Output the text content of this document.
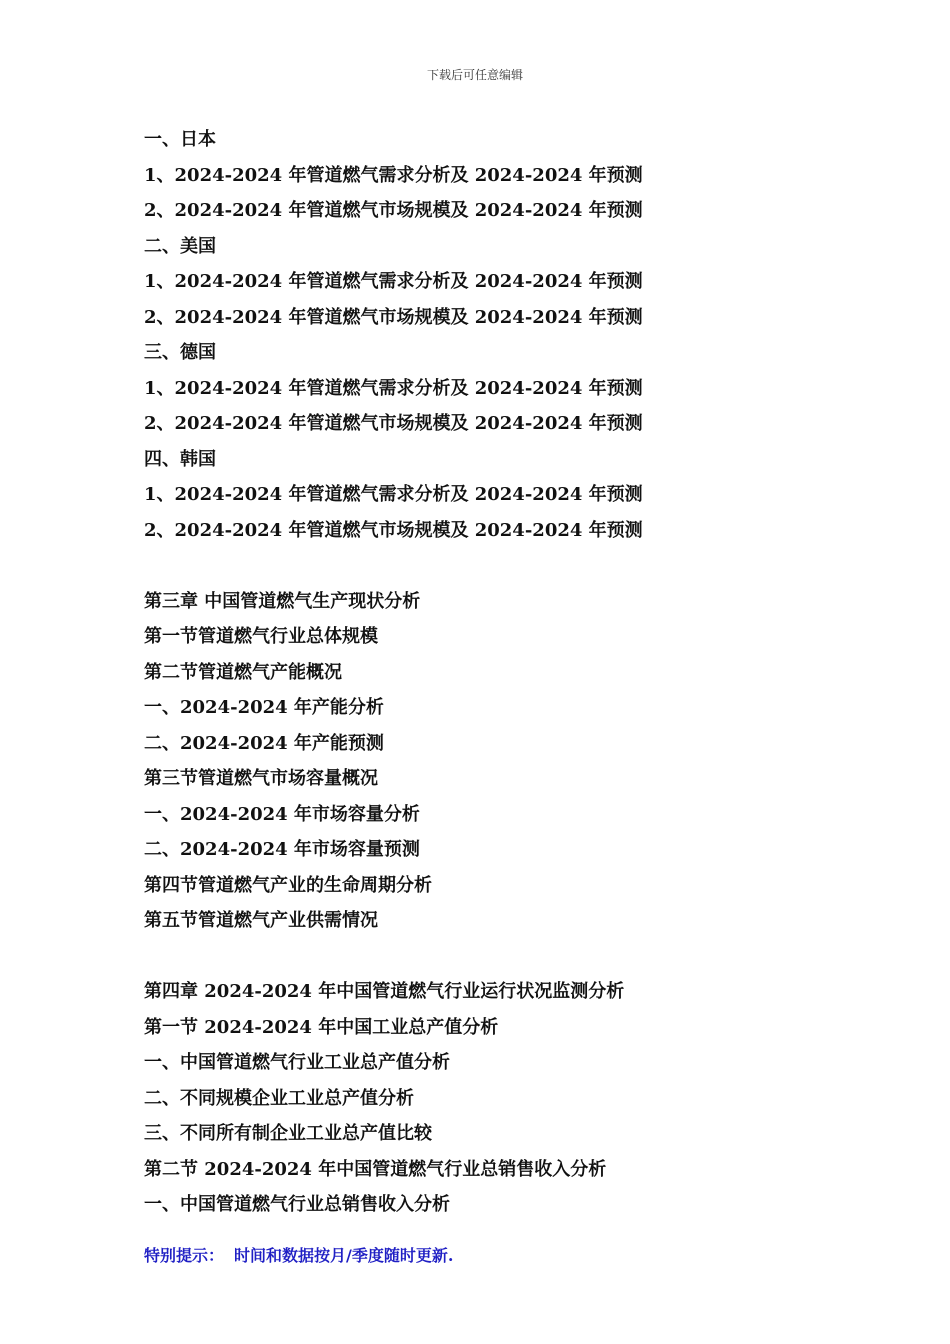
下载后可任意编辑
一、日本
1、2024-2024 年管道燃气需求分析及 2024-2024 年预测
2、2024-2024 年管道燃气市场规模及 2024-2024 年预测
二、美国
1、2024-2024 年管道燃气需求分析及 2024-2024 年预测
2、2024-2024 年管道燃气市场规模及 2024-2024 年预测
三、德国
1、2024-2024 年管道燃气需求分析及 2024-2024 年预测
2、2024-2024 年管道燃气市场规模及 2024-2024 年预测
四、韩国
1、2024-2024 年管道燃气需求分析及 2024-2024 年预测
2、2024-2024 年管道燃气市场规模及 2024-2024 年预测
第三章 中国管道燃气生产现状分析
第一节管道燃气行业总体规模
第二节管道燃气产能概况
一、2024-2024 年产能分析
二、2024-2024 年产能预测
第三节管道燃气市场容量概况
一、2024-2024 年市场容量分析
二、2024-2024 年市场容量预测
第四节管道燃气产业的生命周期分析
第五节管道燃气产业供需情况
第四章 2024-2024 年中国管道燃气行业运行状况监测分析
第一节 2024-2024 年中国工业总产值分析
一、中国管道燃气行业工业总产值分析
二、不同规模企业工业总产值分析
三、不同所有制企业工业总产值比较
第二节 2024-2024 年中国管道燃气行业总销售收入分析
一、中国管道燃气行业总销售收入分析
特别提示： 时间和数据按月/季度随时更新.
